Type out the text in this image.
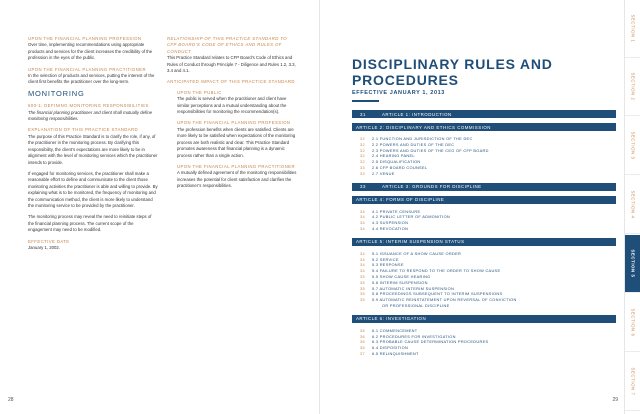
UPON THE FINANCIAL PLANNING PROFESSION
Over time, implementing recommendations using appropriate products and services for the client increases the credibility of the profession in the eyes of the public.
UPON THE FINANCIAL PLANNING PRACTITIONER
In the selection of products and services, putting the interest of the client first benefits the practitioner over the long-term.
MONITORING
600-1: DEFINING MONITORING RESPONSIBILITIES
The financial planning practitioner and client shall mutually define monitoring responsibilities.
EXPLANATION OF THIS PRACTICE STANDARD
The purpose of this Practice Standard is to clarify the role, if any, of the practitioner in the monitoring process. By clarifying this responsibility, the client’s expectations are more likely to be in alignment with the level of monitoring services which the practitioner intends to provide.
If engaged for monitoring services, the practitioner shall make a reasonable effort to define and communicate to the client those monitoring activities the practitioner is able and willing to provide. By explaining what is to be monitored, the frequency of monitoring and the communication method, the client is more likely to understand the monitoring service to be provided by the practitioner.
The monitoring process may reveal the need to reinitiate steps of the financial planning process. The current scope of the engagement may need to be modified.
EFFECTIVE DATE
January 1, 2002.
RELATIONSHIP OF THIS PRACTICE STANDARD TO CFP BOARD’S CODE OF ETHICS AND RULES OF CONDUCT
This Practice Standard relates to CFP Board’s Code of Ethics and Rules of Conduct through Principle 7 - Diligence and Rules 1.2, 3.3, 3.4 and 4.1.
ANTICIPATED IMPACT OF THIS PRACTICE STANDARD
UPON THE PUBLIC
The public is served when the practitioner and client have similar perceptions and a mutual understanding about the responsibilities for monitoring the recommendation(s).
UPON THE FINANCIAL PLANNING PROFESSION
The profession benefits when clients are satisfied. Clients are more likely to be satisfied when expectations of the monitoring process are both realistic and clear. This Practice Standard promotes awareness that financial planning is a dynamic process rather than a single action.
UPON THE FINANCIAL PLANNING PRACTITIONER
A mutually defined agreement of the monitoring responsibilities increases the potential for client satisfaction and clarifies the practitioner’s responsibilities.
28
DISCIPLINARY RULES AND PROCEDURES
EFFECTIVE JANUARY 1, 2013
31	ARTICLE 1: INTRODUCTION
ARTICLE 2: DISCIPLINARY AND ETHICS COMMISSION
32	2.1 FUNCTION AND JURISDICTION OF THE DEC
32	2.2 POWERS AND DUTIES OF THE DEC
32	2.3 POWERS AND DUTIES OF THE CEO OF CFP BOARD
32	2.4 HEARING PANEL
32	2.5 DISQUALIFICATION
33	2.6 CFP BOARD COUNSEL
33	2.7 VENUE
33	ARTICLE 3: GROUNDS FOR DISCIPLINE
ARTICLE 4: FORMS OF DISCIPLINE
34	4.1 PRIVATE CENSURE
34	4.2 PUBLIC LETTER OF ADMONITION
34	4.3 SUSPENSION
34	4.4 REVOCATION
ARTICLE 5: INTERIM SUSPENSION STATUS
34	5.1 ISSUANCE OF A SHOW CAUSE ORDER
34	5.2 SERVICE
34	5.3 RESPONSE
34	5.4 FAILURE TO RESPOND TO THE ORDER TO SHOW CAUSE
35	5.5 SHOW CAUSE HEARING
35	5.6 INTERIM SUSPENSION
35	5.7 AUTOMATIC INTERIM SUSPENSION
35	5.8 PROCEEDINGS SUBSEQUENT TO INTERIM SUSPENSIONS
35	5.9 AUTOMATIC REINSTATEMENT UPON REVERSAL OF CONVICTION
OR PROFESSIONAL DISCIPLINE
ARTICLE 6: INVESTIGATION
36	6.1 COMMENCEMENT
36	6.2 PROCEDURES FOR INVESTIGATION
36	6.3 PROBABLE CAUSE DETERMINATION PROCEDURES
36	6.4 DISPOSITION
37	6.5 RELINQUISHMENT
29
SECTION 1
SECTION 2
SECTION 3
SECTION 4
SECTION 5
SECTION 6
SECTION 7
